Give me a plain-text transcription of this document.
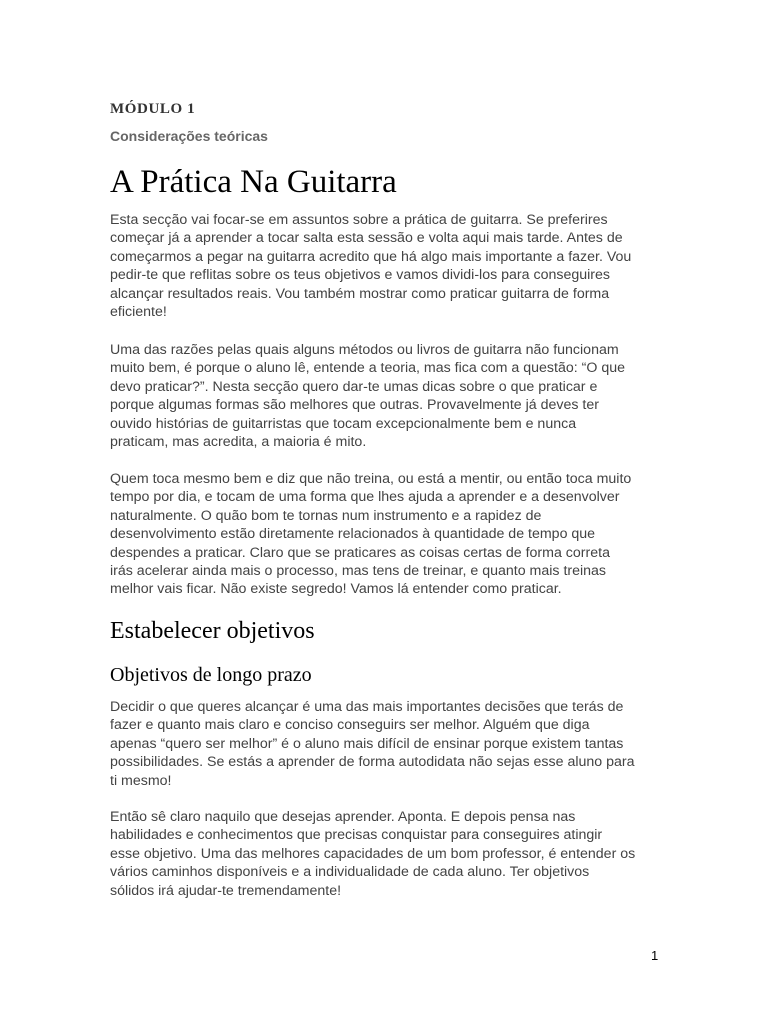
MÓDULO 1

Considerações teóricas

A Prática Na Guitarra

Esta secção vai focar-se em assuntos sobre a prática de guitarra. Se preferires
começar já a aprender a tocar salta esta sessão e volta aqui mais tarde. Antes de
começarmos a pegar na guitarra acredito que há algo mais importante a fazer. Vou
pedir-te que reflitas sobre os teus objetivos e vamos dividi-los para conseguires
alcançar resultados reais. Vou também mostrar como praticar guitarra de forma
eficiente!

Uma das razões pelas quais alguns métodos ou livros de guitarra não funcionam
muito bem, é porque o aluno lê, entende a teoria, mas fica com a questão: “O que
devo praticar?”. Nesta secção quero dar-te umas dicas sobre o que praticar e
porque algumas formas são melhores que outras. Provavelmente já deves ter
ouvido histórias de guitarristas que tocam excepcionalmente bem e nunca
praticam, mas acredita, a maioria é mito.

Quem toca mesmo bem e diz que não treina, ou está a mentir, ou então toca muito
tempo por dia, e tocam de uma forma que lhes ajuda a aprender e a desenvolver
naturalmente. O quão bom te tornas num instrumento e a rapidez de
desenvolvimento estão diretamente relacionados à quantidade de tempo que
despendes a praticar. Claro que se praticares as coisas certas de forma correta
irás acelerar ainda mais o processo, mas tens de treinar, e quanto mais treinas
melhor vais ficar. Não existe segredo! Vamos lá entender como praticar.

Estabelecer objetivos
Objetivos de longo prazo

Decidir o que queres alcançar é uma das mais importantes decisões que terás de
fazer e quanto mais claro e conciso conseguirs ser melhor. Alguém que diga
apenas “quero ser melhor” é o aluno mais difícil de ensinar porque existem tantas
possibilidades. Se estás a aprender de forma autodidata não sejas esse aluno para
ti mesmo!

Então sê claro naquilo que desejas aprender. Aponta. E depois pensa nas
habilidades e conhecimentos que precisas conquistar para conseguires atingir
esse objetivo. Uma das melhores capacidades de um bom professor, é entender os
vários caminhos disponíveis e a individualidade de cada aluno. Ter objetivos
sólidos irá ajudar-te tremendamente!

1
